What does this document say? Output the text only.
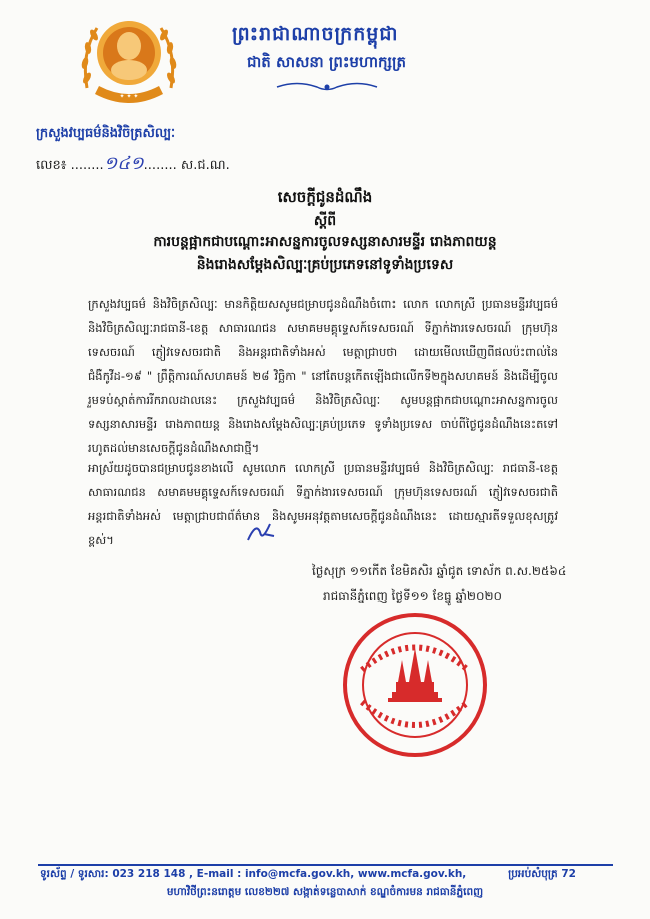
✦ ✦ ✦
ព្រះរាជាណាចក្រកម្ពុជា
ជាតិ សាសនា ព្រះមហាក្សត្រ
ក្រសួងវប្បធម៌និងវិចិត្រសិល្បៈ
លេខ៖ ........១៤១........ ស.ជ.ណ.
សេចក្តីជូនដំណឹង
ស្តីពី
ការបន្តផ្អាកជាបណ្តោះអាសន្នការចូលទស្សនាសារមន្ទីរ រោងភាពយន្ត
និងរោងសម្តែងសិល្បៈគ្រប់ប្រភេទនៅទូទាំងប្រទេស
ក្រសួងវប្បធម៌ និងវិចិត្រសិល្បៈ មានកិត្តិយសសូមជម្រាបជូនដំណឹងចំពោះ លោក លោកស្រី ប្រធានមន្ទីរវប្បធម៌ និងវិចិត្រសិល្បៈរាជធានី-ខេត្ត សាធារណជន សមាគមមគ្គុទ្ទេសក៍ទេសចរណ៍ ទីភ្នាក់ងារទេសចរណ៍ ក្រុមហ៊ុនទេសចរណ៍ ភ្ញៀវទេសចរជាតិ និងអន្តរជាតិទាំងអស់ មេត្តាជ្រាបថា ដោយមើលឃើញពីផលប៉ះពាល់នៃជំងឺកូវីដ-១៩ " ព្រឹត្តិការណ៍សហគមន៍ ២៨ វិច្ឆិកា " នៅតែបន្តកើតឡើងជាលើកទី២ក្នុងសហគមន៍ និងដើម្បីចូលរួមទប់ស្កាត់ការរីករាលដាលនេះ ក្រសួងវប្បធម៌ និងវិចិត្រសិល្បៈ សូមបន្តផ្អាកជាបណ្តោះអាសន្នការចូលទស្សនាសារមន្ទីរ រោងភាពយន្ត និងរោងសម្តែងសិល្បៈគ្រប់ប្រភេទ ទូទាំងប្រទេស ចាប់ពីថ្ងៃជូនដំណឹងនេះតទៅ រហូតដល់មានសេចក្តីជូនដំណឹងសាជាថ្មី។
អាស្រ័យដូចបានជម្រាបជូនខាងលើ សូមលោក លោកស្រី ប្រធានមន្ទីរវប្បធម៌ និងវិចិត្រសិល្បៈ រាជធានី-ខេត្ត សាធារណជន សមាគមមគ្គុទ្ទេសក៍ទេសចរណ៍ ទីភ្នាក់ងារទេសចរណ៍ ក្រុមហ៊ុនទេសចរណ៍ ភ្ញៀវទេសចរជាតិ អន្តរជាតិទាំងអស់ មេត្តាជ្រាបជាព័ត៌មាន និងសូមអនុវត្តតាមសេចក្តីជូនដំណឹងនេះ ដោយស្មារតីទទួលខុសត្រូវខ្ពស់។
ថ្ងៃសុក្រ ១១កើត ខែមិគសិរ ឆ្នាំជូត ទោស័ក ព.ស.២៥៦៤
រាជធានីភ្នំពេញ ថ្ងៃទី១១ ខែធ្នូ ឆ្នាំ២០២០
ទូរស័ព្ទ / ទូរសារ: 023 218 148 , E-mail : info@mcfa.gov.kh, www.mcfa.gov.kh,	ប្រអប់សំបុត្រ 72
មហាវិថីព្រះនរោត្តម លេខ២២៧ សង្កាត់ទន្លេបាសាក់ ខណ្ឌចំការមន រាជធានីភ្នំពេញ
